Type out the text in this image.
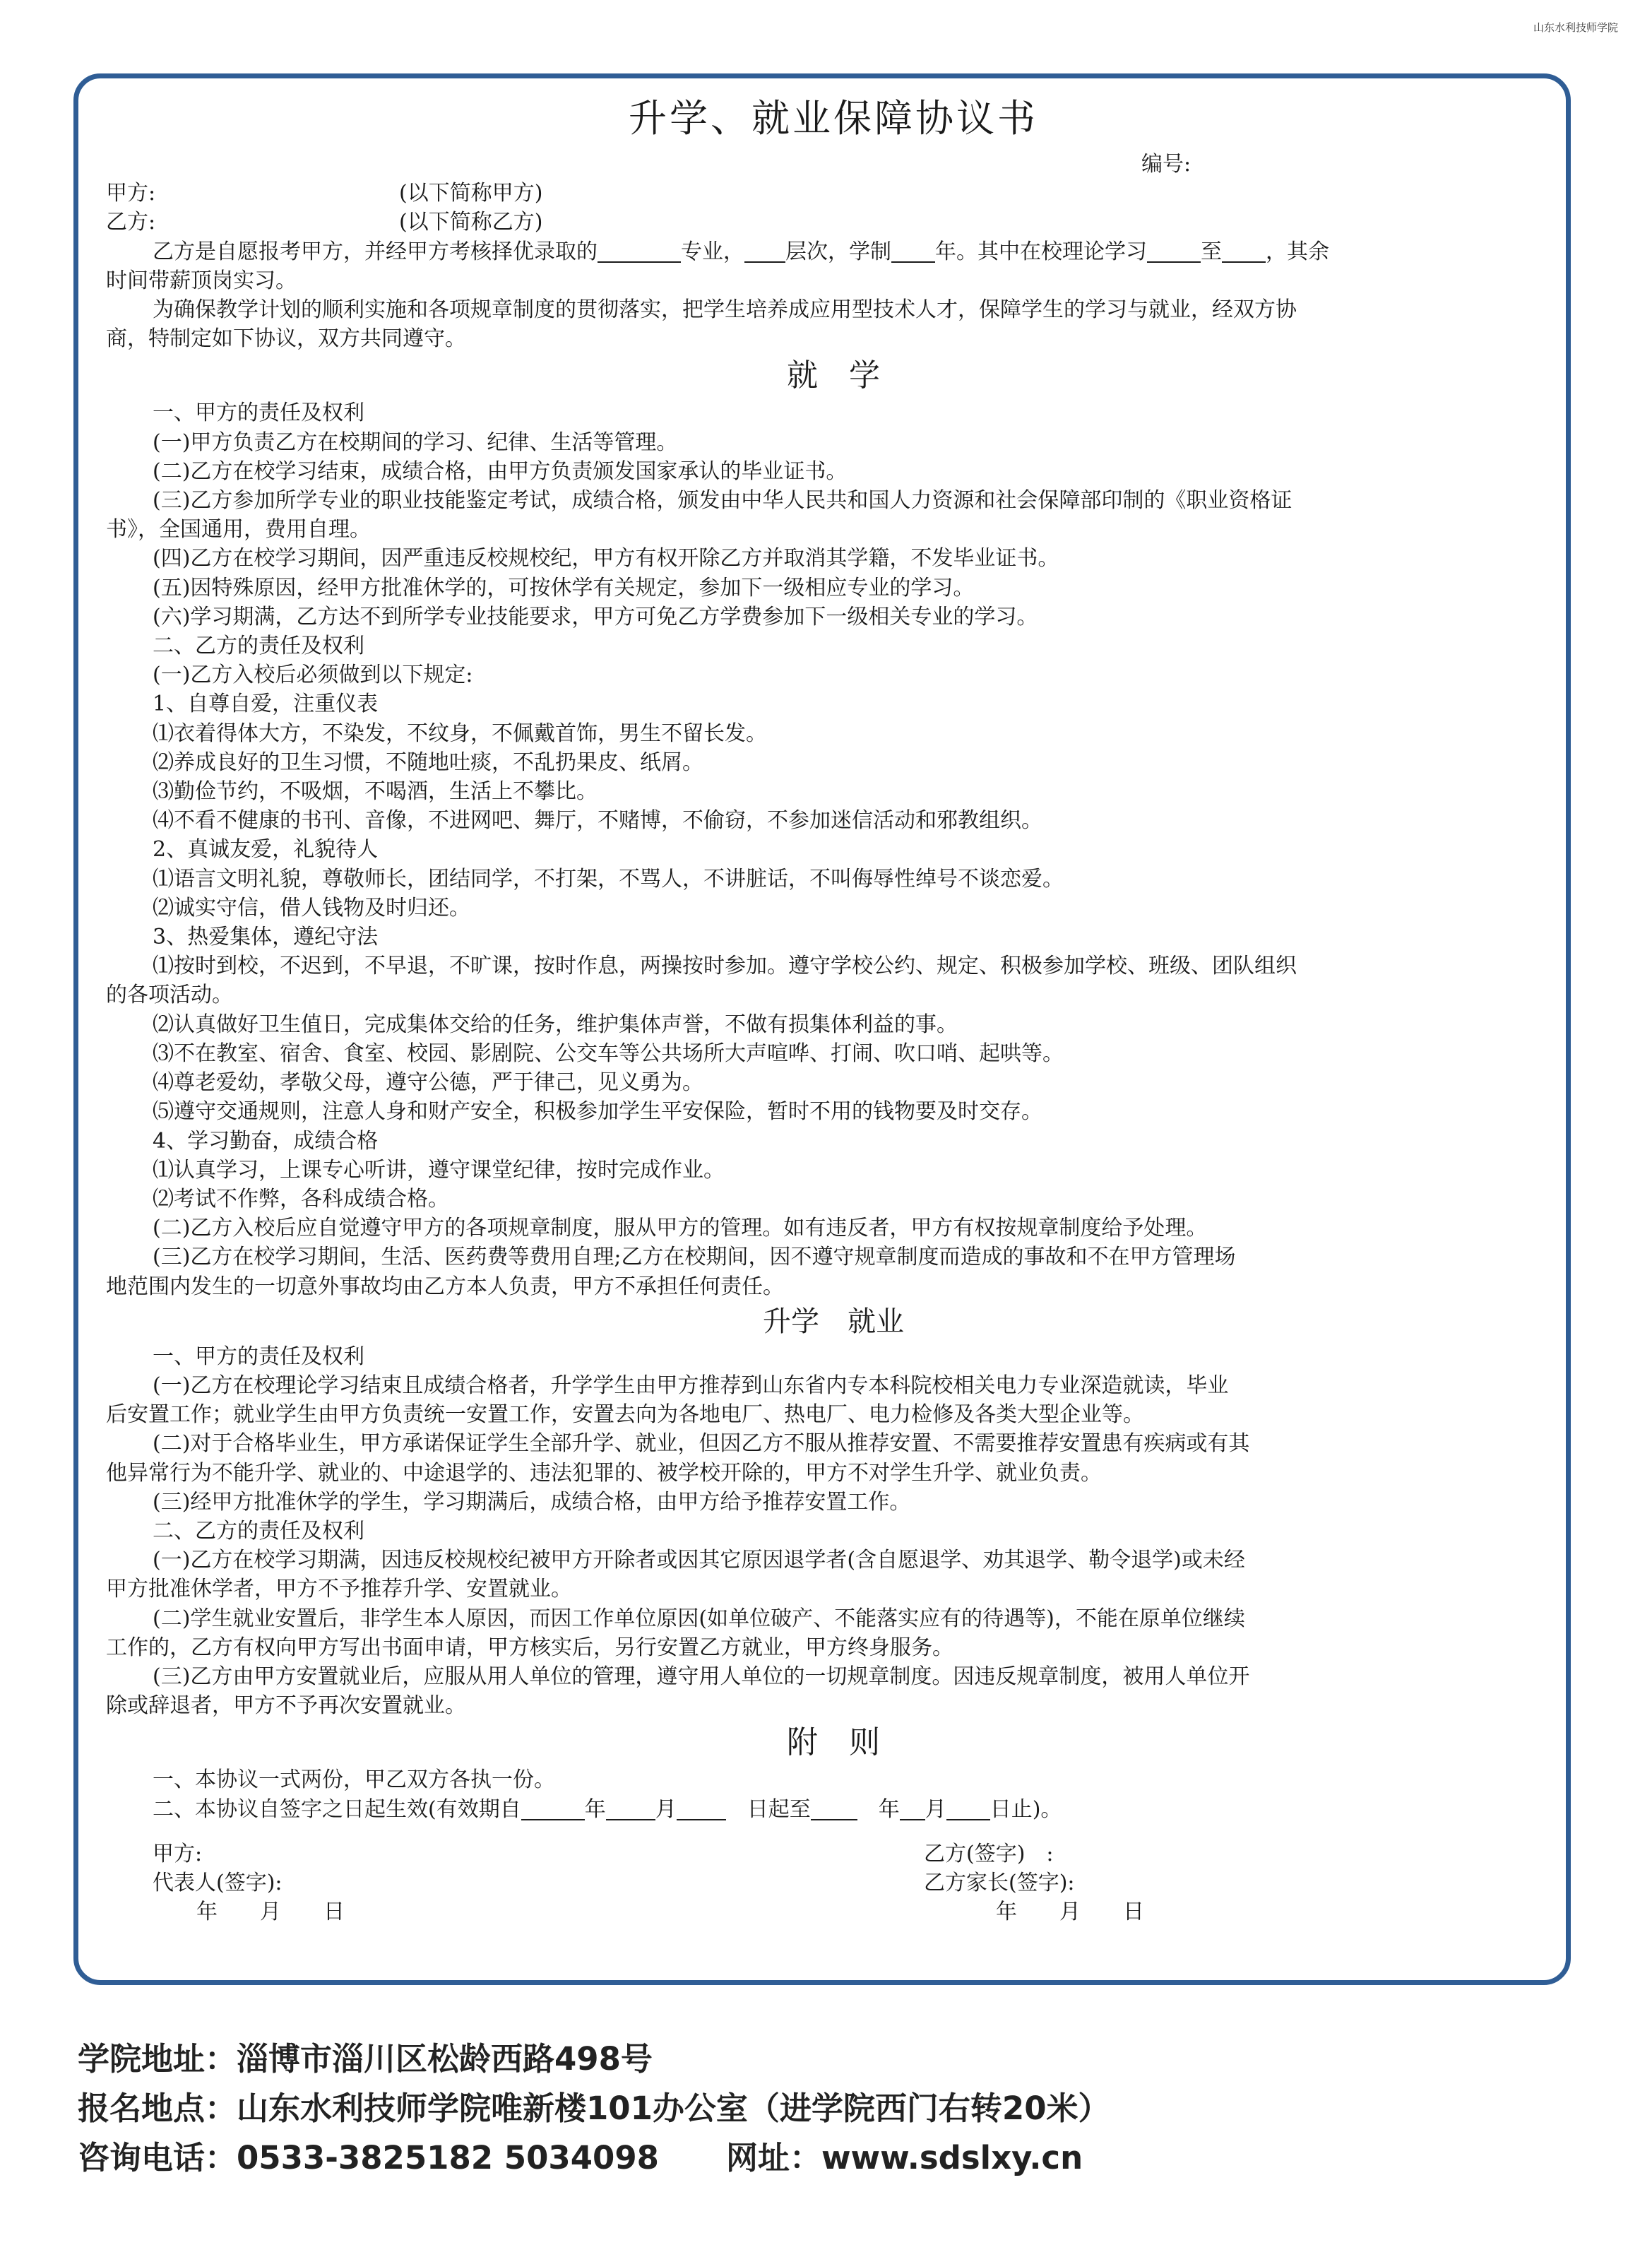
山东水利技师学院
升学、就业保障协议书
编号:
甲方:	(以下简称甲方)
乙方:	(以下简称乙方)
乙方是自愿报考甲方，并经甲方考核择优录取的	专业， 层次，学制 年。其中在校理论学习	至 ，其余
时间带薪顶岗实习。
为确保教学计划的顺利实施和各项规章制度的贯彻落实，把学生培养成应用型技术人才，保障学生的学习与就业，经双方协
商，特制定如下协议，双方共同遵守。
就　学
一、甲方的责任及权利
(一)甲方负责乙方在校期间的学习、纪律、生活等管理。
(二)乙方在校学习结束，成绩合格，由甲方负责颁发国家承认的毕业证书。
(三)乙方参加所学专业的职业技能鉴定考试，成绩合格，颁发由中华人民共和国人力资源和社会保障部印制的《职业资格证
书》，全国通用，费用自理。
(四)乙方在校学习期间，因严重违反校规校纪，甲方有权开除乙方并取消其学籍，不发毕业证书。
(五)因特殊原因，经甲方批准休学的，可按休学有关规定，参加下一级相应专业的学习。
(六)学习期满，乙方达不到所学专业技能要求，甲方可免乙方学费参加下一级相关专业的学习。
二、乙方的责任及权利
(一)乙方入校后必须做到以下规定:
1、自尊自爱，注重仪表
⑴衣着得体大方，不染发，不纹身，不佩戴首饰，男生不留长发。
⑵养成良好的卫生习惯，不随地吐痰，不乱扔果皮、纸屑。
⑶勤俭节约，不吸烟，不喝酒，生活上不攀比。
⑷不看不健康的书刊、音像，不进网吧、舞厅，不赌博，不偷窃，不参加迷信活动和邪教组织。
2、真诚友爱，礼貌待人
⑴语言文明礼貌，尊敬师长，团结同学，不打架，不骂人，不讲脏话，不叫侮辱性绰号不谈恋爱。
⑵诚实守信，借人钱物及时归还。
3、热爱集体，遵纪守法
⑴按时到校，不迟到，不早退，不旷课，按时作息，两操按时参加。遵守学校公约、规定、积极参加学校、班级、团队组织
的各项活动。
⑵认真做好卫生值日，完成集体交给的任务，维护集体声誉，不做有损集体利益的事。
⑶不在教室、宿舍、食室、校园、影剧院、公交车等公共场所大声喧哗、打闹、吹口哨、起哄等。
⑷尊老爱幼，孝敬父母，遵守公德，严于律己，见义勇为。
⑸遵守交通规则，注意人身和财产安全，积极参加学生平安保险，暂时不用的钱物要及时交存。
4、学习勤奋，成绩合格
⑴认真学习，上课专心听讲，遵守课堂纪律，按时完成作业。
⑵考试不作弊，各科成绩合格。
(二)乙方入校后应自觉遵守甲方的各项规章制度，服从甲方的管理。如有违反者，甲方有权按规章制度给予处理。
(三)乙方在校学习期间，生活、医药费等费用自理;乙方在校期间，因不遵守规章制度而造成的事故和不在甲方管理场
地范围内发生的一切意外事故均由乙方本人负责，甲方不承担任何责任。
升学　就业
一、甲方的责任及权利
(一)乙方在校理论学习结束且成绩合格者，升学学生由甲方推荐到山东省内专本科院校相关电力专业深造就读，毕业
后安置工作；就业学生由甲方负责统一安置工作，安置去向为各地电厂、热电厂、电力检修及各类大型企业等。
(二)对于合格毕业生，甲方承诺保证学生全部升学、就业，但因乙方不服从推荐安置、不需要推荐安置患有疾病或有其
他异常行为不能升学、就业的、中途退学的、违法犯罪的、被学校开除的，甲方不对学生升学、就业负责。
(三)经甲方批准休学的学生，学习期满后，成绩合格，由甲方给予推荐安置工作。
二、乙方的责任及权利
(一)乙方在校学习期满，因违反校规校纪被甲方开除者或因其它原因退学者(含自愿退学、劝其退学、勒令退学)或未经
甲方批准休学者，甲方不予推荐升学、安置就业。
(二)学生就业安置后，非学生本人原因，而因工作单位原因(如单位破产、不能落实应有的待遇等)，不能在原单位继续
工作的，乙方有权向甲方写出书面申请，甲方核实后，另行安置乙方就业，甲方终身服务。
(三)乙方由甲方安置就业后，应服从用人单位的管理，遵守用人单位的一切规章制度。因违反规章制度，被用人单位开
除或辞退者，甲方不予再次安置就业。
附　则
一、本协议一式两份，甲乙双方各执一份。
二、本协议自签字之日起生效(有效期自	年 月　	日起至　	年 月 日止)。
甲方:	乙方(签字)　:
代表人(签字):	乙方家长(签字):
年　　月　　日	年　　月　　日
学院地址：淄博市淄川区松龄西路498号
报名地点：山东水利技师学院唯新楼101办公室（进学院西门右转20米）
咨询电话：0533-3825182 5034098 网址：www.sdslxy.cn
